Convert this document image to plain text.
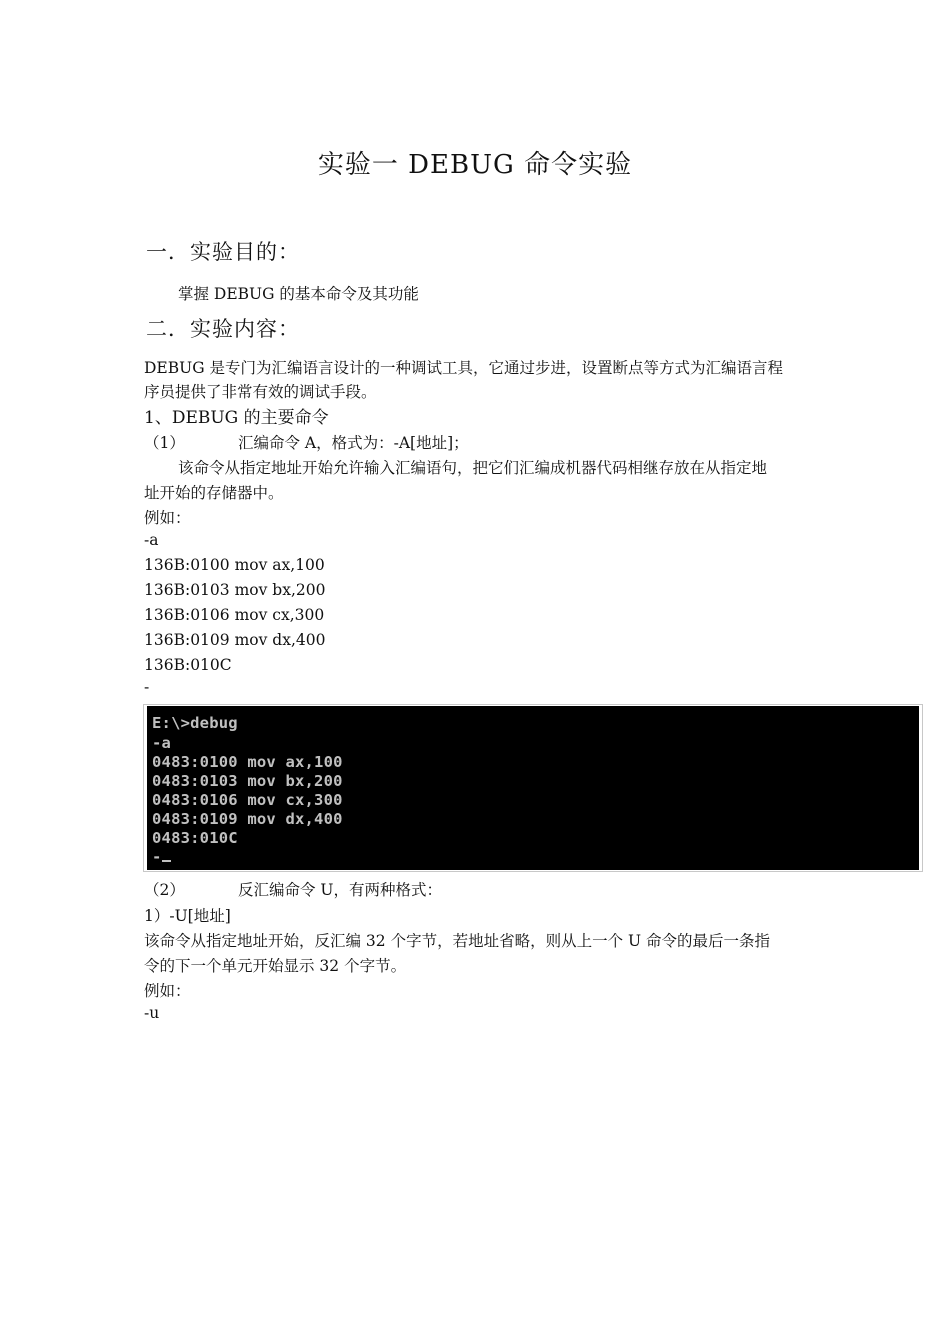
实验一 DEBUG 命令实验
一．实验目的：
掌握 DEBUG 的基本命令及其功能
二．实验内容：
DEBUG 是专门为汇编语言设计的一种调试工具，它通过步进，设置断点等方式为汇编语言程
序员提供了非常有效的调试手段。
1、DEBUG 的主要命令
（1）	汇编命令 A，格式为：-A[地址]；
该命令从指定地址开始允许输入汇编语句，把它们汇编成机器代码相继存放在从指定地
址开始的存储器中。
例如：
-a
136B:0100 mov ax,100
136B:0103 mov bx,200
136B:0106 mov cx,300
136B:0109 mov dx,400
136B:010C
-
E:\>debug
-a
0483:0100 mov ax,100
0483:0103 mov bx,200
0483:0106 mov cx,300
0483:0109 mov dx,400
0483:010C
-
（2）	反汇编命令 U，有两种格式：
1）-U[地址]
该命令从指定地址开始，反汇编 32 个字节，若地址省略，则从上一个 U 命令的最后一条指
令的下一个单元开始显示 32 个字节。
例如：
-u
